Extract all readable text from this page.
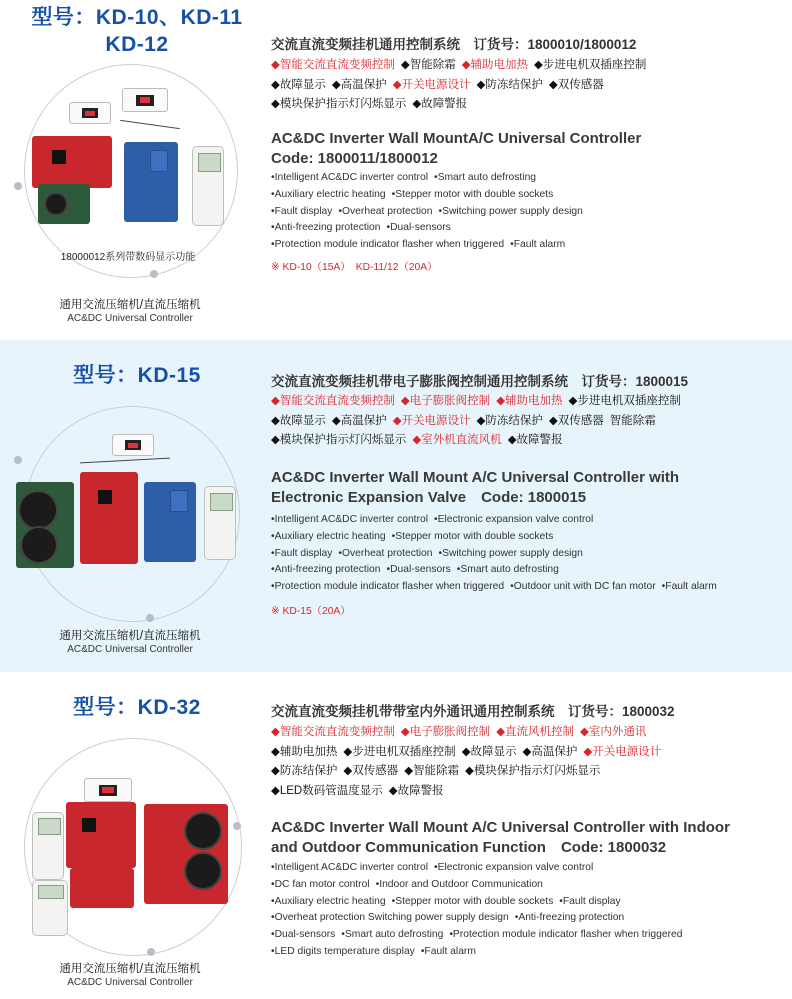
型号：KD-10、KD-11
KD-12
18000012系列带数码显示功能
通用交流压缩机/直流压缩机
AC&DC Universal Controller
交流直流变频挂机通用控制系统　订货号：1800010/1800012
◆智能交流直流变频控制 ◆智能除霜 ◆辅助电加热 ◆步进电机双插座控制
◆故障显示 ◆高温保护 ◆开关电源设计 ◆防冻结保护 ◆双传感器
◆模块保护指示灯闪烁显示 ◆故障警报
AC&DC Inverter Wall MountA/C Universal Controller
Code: 1800011/1800012
•Intelligent AC&DC inverter control •Smart auto defrosting
•Auxiliary electric heating •Stepper motor with double sockets
•Fault display •Overheat protection •Switching power supply design
•Anti-freezing protection •Dual-sensors
•Protection module indicator flasher when triggered •Fault alarm
※ KD-10（15A）　KD-11/12（20A）
型号：KD-15
通用交流压缩机/直流压缩机
AC&DC Universal Controller
交流直流变频挂机带电子膨胀阀控制通用控制系统　订货号：1800015
◆智能交流直流变频控制 ◆电子膨胀阀控制 ◆辅助电加热 ◆步进电机双插座控制
◆故障显示 ◆高温保护 ◆开关电源设计 ◆防冻结保护 ◆双传感器 智能除霜
◆模块保护指示灯闪烁显示 ◆室外机直流风机 ◆故障警报
AC&DC Inverter Wall Mount A/C Universal Controller with
Electronic Expansion Valve　Code: 1800015
•Intelligent AC&DC inverter control •Electronic expansion valve control
•Auxiliary electric heating •Stepper motor with double sockets
•Fault display •Overheat protection •Switching power supply design
•Anti-freezing protection •Dual-sensors •Smart auto defrosting
•Protection module indicator flasher when triggered •Outdoor unit with DC fan motor •Fault alarm
※ KD-15（20A）
型号：KD-32
通用交流压缩机/直流压缩机
AC&DC Universal Controller
交流直流变频挂机带带室内外通讯通用控制系统　订货号：1800032
◆智能交流直流变频控制 ◆电子膨胀阀控制 ◆直流风机控制 ◆室内外通讯
◆辅助电加热 ◆步进电机双插座控制 ◆故障显示 ◆高温保护 ◆开关电源设计
◆防冻结保护 ◆双传感器 ◆智能除霜 ◆模块保护指示灯闪烁显示
◆LED数码管温度显示 ◆故障警报
AC&DC Inverter Wall Mount A/C Universal Controller with Indoor
and Outdoor Communication Function　Code: 1800032
•Intelligent AC&DC inverter control •Electronic expansion valve control
•DC fan motor control •Indoor and Outdoor Communication
•Auxiliary electric heating •Stepper motor with double sockets •Fault display
•Overheat protection Switching power supply design •Anti-freezing protection
•Dual-sensors •Smart auto defrosting •Protection module indicator flasher when triggered
•LED digits temperature display •Fault alarm
